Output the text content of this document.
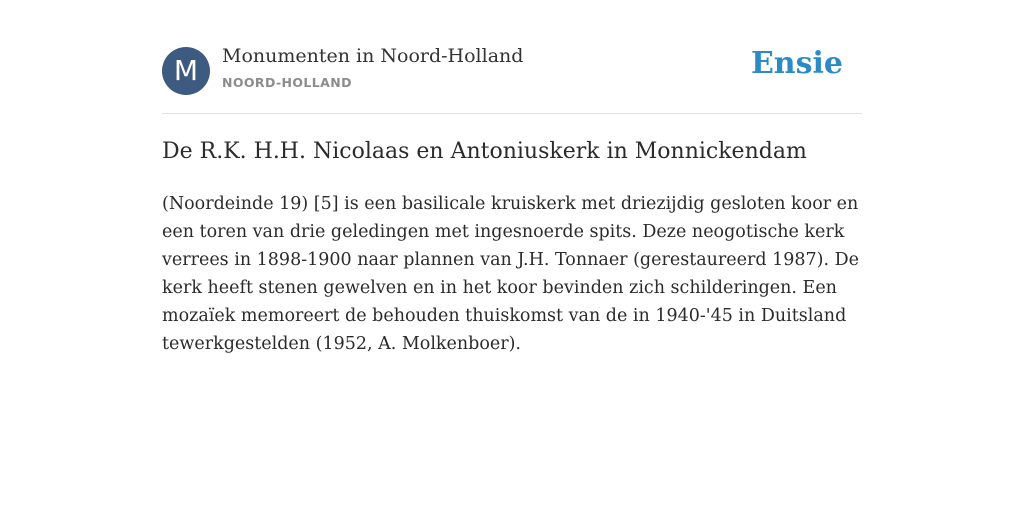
M	Monumenten in Noord-Holland
NOORD-HOLLAND
Ensie
De R.K. H.H. Nicolaas en Antoniuskerk in Monnickendam

(Noordeinde 19) [5] is een basilicale kruiskerk met driezijdig gesloten koor en een toren van drie geledingen met ingesnoerde spits. Deze neogotische kerk verrees in 1898-1900 naar plannen van J.H. Tonnaer (gerestaureerd 1987). De kerk heeft stenen gewelven en in het koor bevinden zich schilderingen. Een mozaïek memoreert de behouden thuiskomst van de in 1940-'45 in Duitsland tewerkgestelden (1952, A. Molkenboer).
